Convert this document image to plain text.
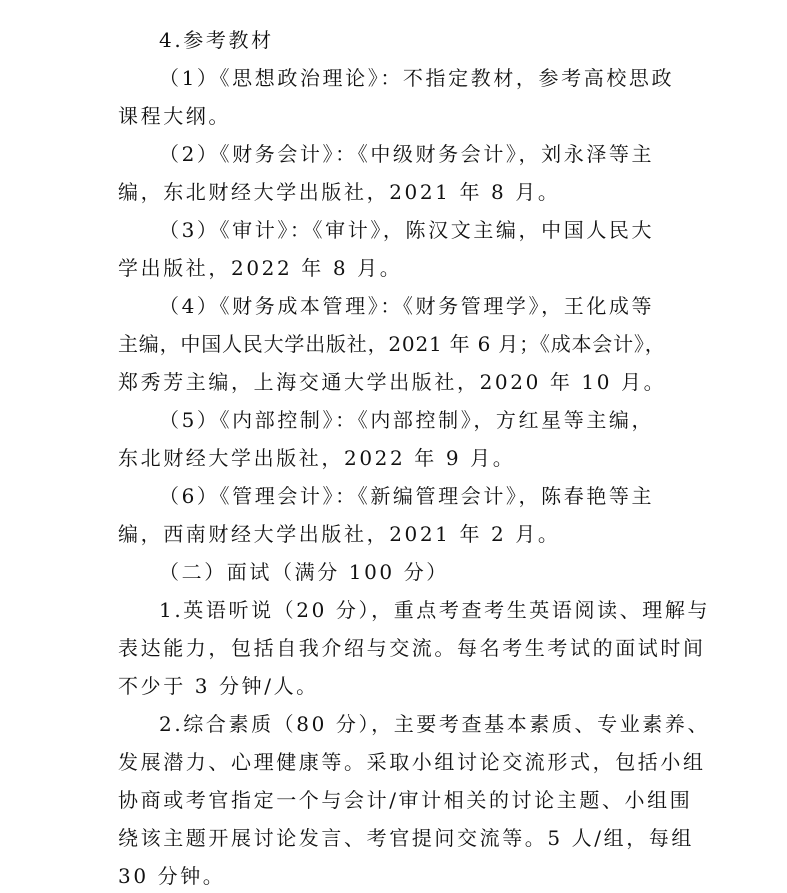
4.参考教材
（1）《思想政治理论》：不指定教材，参考高校思政
课程大纲。
（2）《财务会计》：《中级财务会计》，刘永泽等主
编，东北财经大学出版社，2021 年 8 月。
（3）《审计》：《审计》，陈汉文主编，中国人民大
学出版社，2022 年 8 月。
（4）《财务成本管理》：《财务管理学》，王化成等
主编，中国人民大学出版社，2021 年 6 月；《成本会计》，
郑秀芳主编，上海交通大学出版社，2020 年 10 月。
（5）《内部控制》：《内部控制》，方红星等主编，
东北财经大学出版社，2022 年 9 月。
（6）《管理会计》：《新编管理会计》，陈春艳等主
编，西南财经大学出版社，2021 年 2 月。
（二）面试（满分 100 分）
1.英语听说（20 分），重点考查考生英语阅读、理解与
表达能力，包括自我介绍与交流。每名考生考试的面试时间
不少于 3 分钟/人。
2.综合素质（80 分），主要考查基本素质、专业素养、
发展潜力、心理健康等。采取小组讨论交流形式，包括小组
协商或考官指定一个与会计/审计相关的讨论主题、小组围
绕该主题开展讨论发言、考官提问交流等。5 人/组，每组
30 分钟。
